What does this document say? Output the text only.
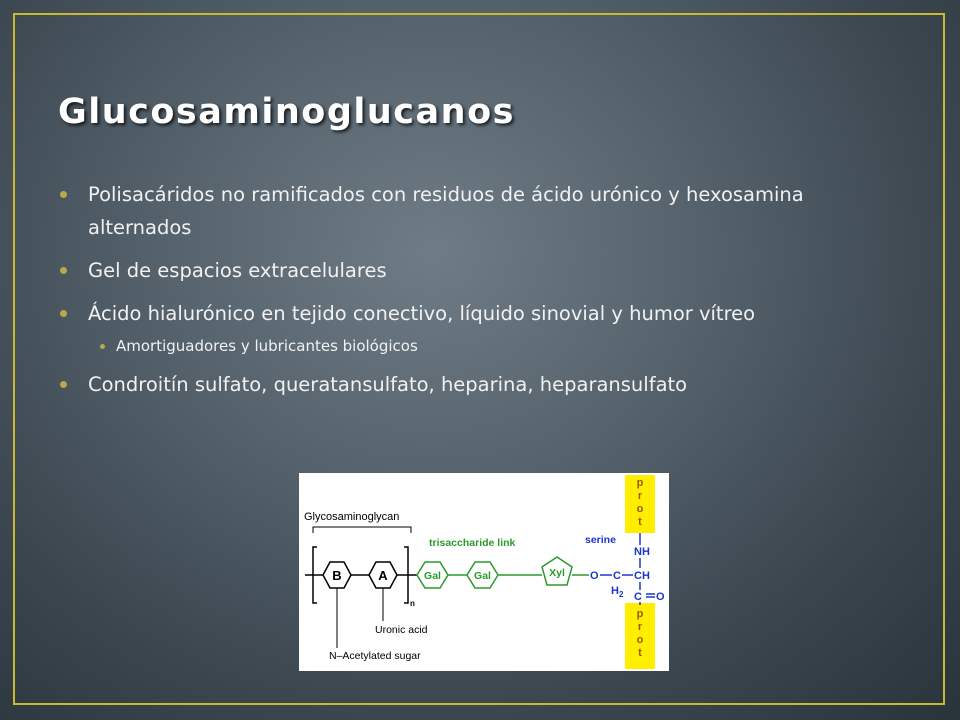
Glucosaminoglucanos
Polisacáridos no ramificados con residuos de ácido urónico y hexosamina alternados
Gel de espacios extracelulares
Ácido hialurónico en tejido conectivo, líquido sinovial y humor vítreo
Amortiguadores y lubricantes biológicos
Condroitín sulfato, queratansulfato, heparina, heparansulfato
p
r
o
t
p
r
o
t
Glycosaminoglycan
n
B	A
Uronic acid
N–Acetylated sugar
trisaccharide link
Gal	Gal	Xyl
serine
O C
H 2
NH
CH
C O
